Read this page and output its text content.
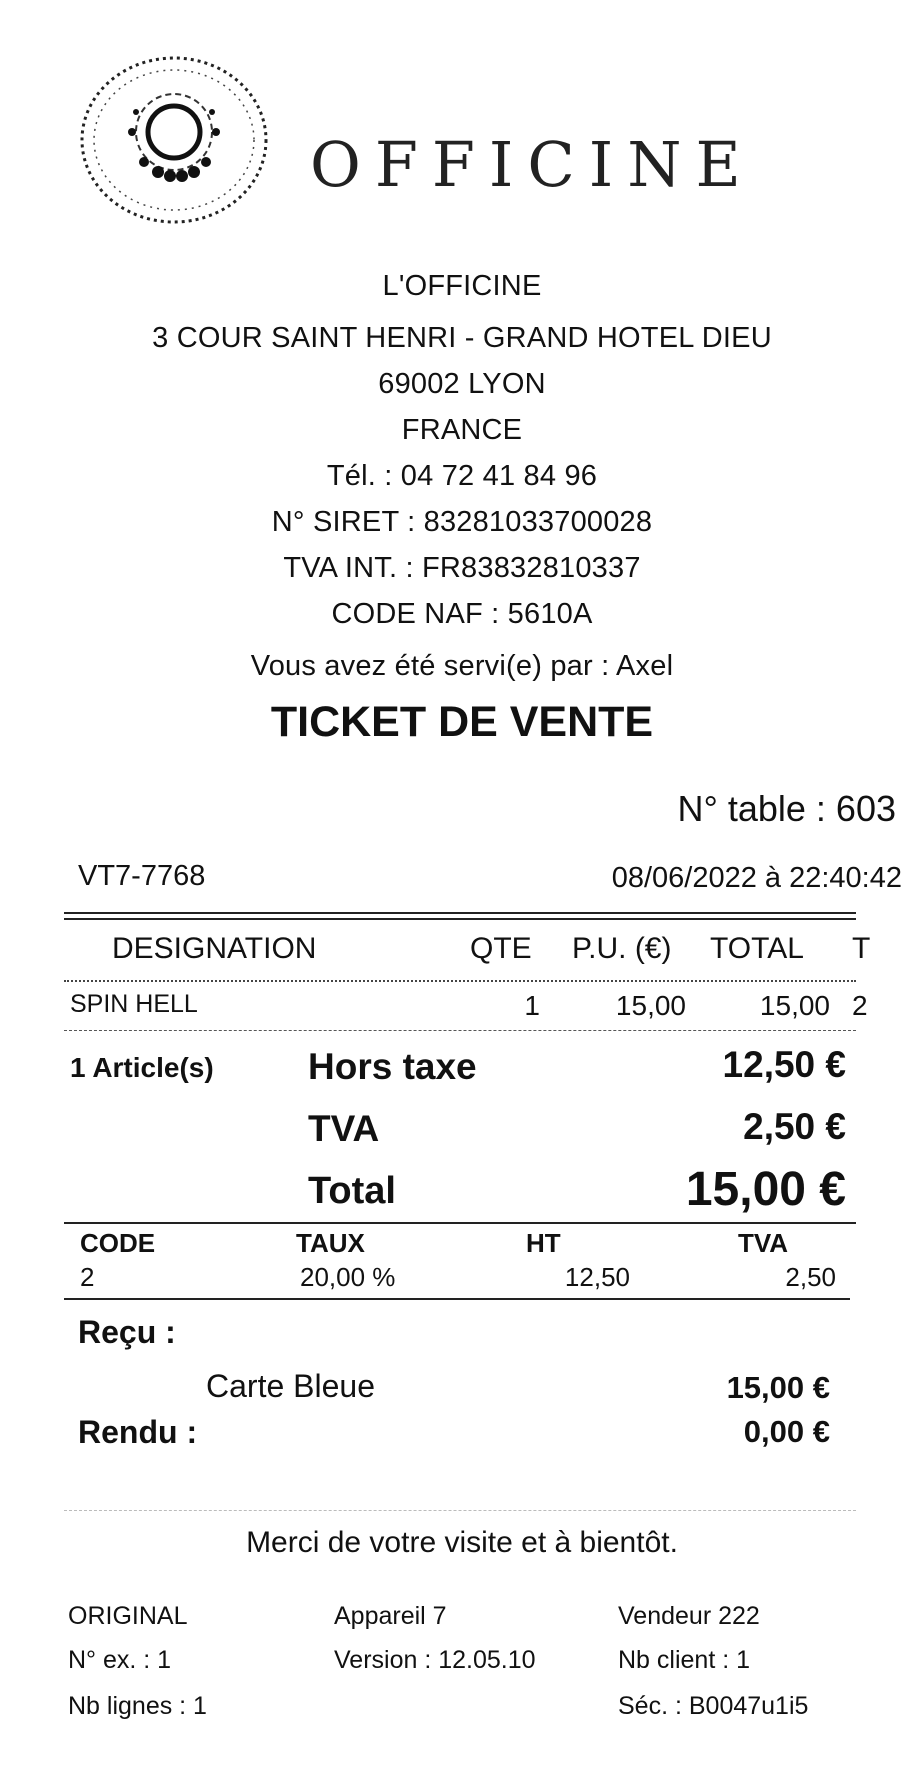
OFFICINE
L'OFFICINE
3 COUR SAINT HENRI - GRAND HOTEL DIEU
69002 LYON
FRANCE
Tél. : 04 72 41 84 96
N° SIRET : 83281033700028
TVA INT. : FR83832810337
CODE NAF : 5610A
Vous avez été servi(e) par : Axel
TICKET DE VENTE
N° table : 603
VT7-7768	08/06/2022 à 22:40:42
DESIGNATION	QTE P.U. (€) TOTAL T
SPIN HELL	1	15,00	15,00 2
1 Article(s)	Hors taxe	12,50 €
TVA	2,50 €
Total	15,00 €
CODE	TAUX	HT	TVA
2	20,00 %	12,50	2,50
Reçu :
Carte Bleue	15,00 €
Rendu :	0,00 €
Merci de votre visite et à bientôt.
ORIGINAL
N° ex. : 1
Nb lignes : 1
Appareil 7
Version : 12.05.10
Vendeur 222
Nb client : 1
Séc. : B0047u1i5
